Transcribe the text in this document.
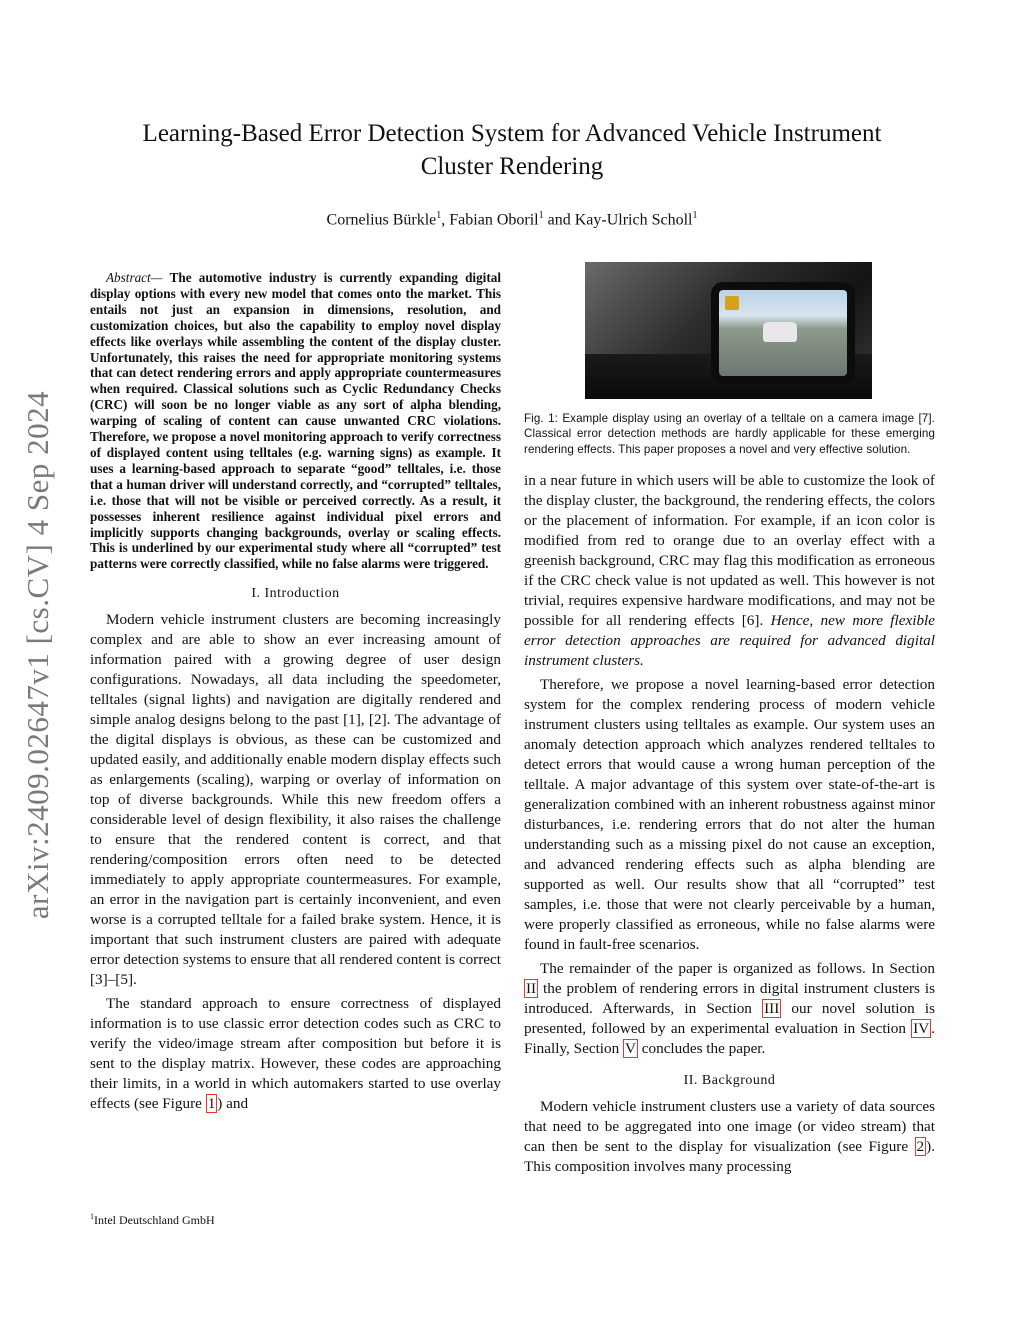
arXiv:2409.02647v1 [cs.CV] 4 Sep 2024
Learning-Based Error Detection System for Advanced Vehicle Instrument
Cluster Rendering
Cornelius Bürkle$^1$, Fabian Oboril$^1$ and Kay-Ulrich Scholl$^1$

Abstract— The automotive industry is currently expanding digital display options with every new model that comes onto the market. This entails not just an expansion in dimensions, resolution, and customization choices, but also the capability to employ novel display effects like overlays while assembling the content of the display cluster. Unfortunately, this raises the need for appropriate monitoring systems that can detect rendering errors and apply appropriate countermeasures when required. Classical solutions such as Cyclic Redundancy Checks (CRC) will soon be no longer viable as any sort of alpha blending, warping of scaling of content can cause unwanted CRC violations. Therefore, we propose a novel monitoring approach to verify correctness of displayed content using telltales (e.g. warning signs) as example. It uses a learning-based approach to separate “good” telltales, i.e. those that a human driver will understand correctly, and “corrupted” telltales, i.e. those that will not be visible or perceived correctly. As a result, it possesses inherent resilience against individual pixel errors and implicitly supports changing backgrounds, overlay or scaling effects. This is underlined by our experimental study where all “corrupted” test patterns were correctly classified, while no false alarms were triggered.

I. Introduction

Modern vehicle instrument clusters are becoming increasingly complex and are able to show an ever increasing amount of information paired with a growing degree of user design configurations. Nowadays, all data including the speedometer, telltales (signal lights) and navigation are digitally rendered and simple analog designs belong to the past [1], [2]. The advantage of the digital displays is obvious, as these can be customized and updated easily, and additionally enable modern display effects such as enlargements (scaling), warping or overlay of information on top of diverse backgrounds. While this new freedom offers a considerable level of design flexibility, it also raises the challenge to ensure that the rendered content is correct, and that rendering/composition errors often need to be detected immediately to apply appropriate countermeasures. For example, an error in the navigation part is certainly inconvenient, and even worse is a corrupted telltale for a failed brake system. Hence, it is important that such instrument clusters are paired with adequate error detection systems to ensure that all rendered content is correct [3]–[5].

The standard approach to ensure correctness of displayed information is to use classic error detection codes such as CRC to verify the video/image stream after composition but before it is sent to the display matrix. However, these codes are approaching their limits, in a world in which automakers started to use overlay effects (see Figure 1 ) and

$^1$Intel Deutschland GmbH
Fig. 1: Example display using an overlay of a telltale on a camera image [7]. Classical error detection methods are hardly applicable for these emerging rendering effects. This paper proposes a novel and very effective solution.

in a near future in which users will be able to customize the look of the display cluster, the background, the rendering effects, the colors or the placement of information. For example, if an icon color is modified from red to orange due to an overlay effect with a greenish background, CRC may flag this modification as erroneous if the CRC check value is not updated as well. This however is not trivial, requires expensive hardware modifications, and may not be possible for all rendering effects [6]. Hence, new more flexible error detection approaches are required for advanced digital instrument clusters.

Therefore, we propose a novel learning-based error detection system for the complex rendering process of modern vehicle instrument clusters using telltales as example. Our system uses an anomaly detection approach which analyzes rendered telltales to detect errors that would cause a wrong human perception of the telltale. A major advantage of this system over state-of-the-art is generalization combined with an inherent robustness against minor disturbances, i.e. rendering errors that do not alter the human understanding such as a missing pixel do not cause an exception, and advanced rendering effects such as alpha blending are supported as well. Our results show that all “corrupted” test samples, i.e. those that were not clearly perceivable by a human, were properly classified as erroneous, while no false alarms were found in fault-free scenarios.

The remainder of the paper is organized as follows. In Section II the problem of rendering errors in digital instrument clusters is introduced. Afterwards, in Section III our novel solution is presented, followed by an experimental evaluation in Section IV . Finally, Section V concludes the paper.

II. Background

Modern vehicle instrument clusters use a variety of data sources that need to be aggregated into one image (or video stream) that can then be sent to the display for visualization (see Figure 2 ). This composition involves many processing
